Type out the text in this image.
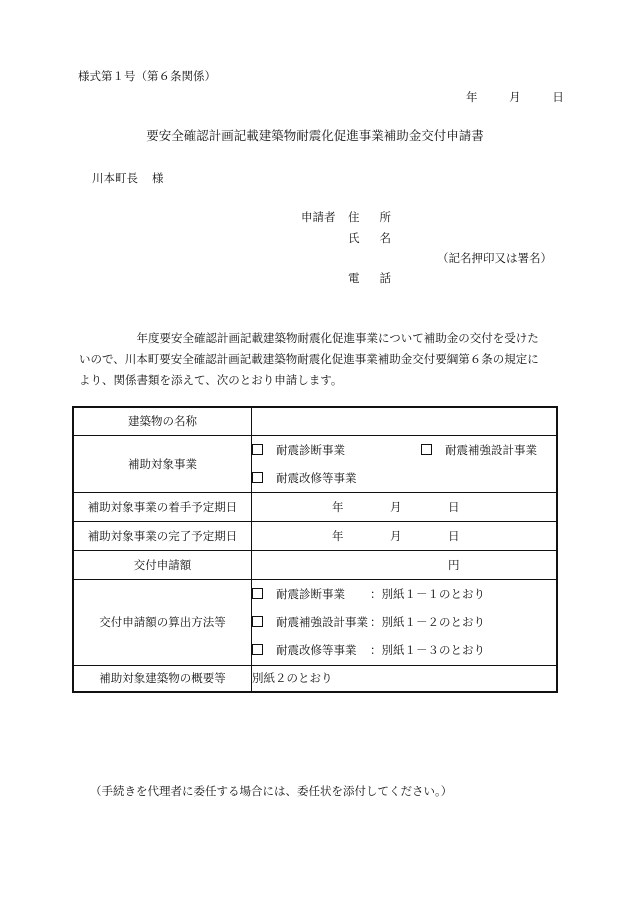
様式第１号（第６条関係）
年	月	日
要安全確認計画記載建築物耐震化促進事業補助金交付申請書
川本町長 様
申請者 住 所
氏 名
（記名押印又は署名）
電 話

　　　　　年度要安全確認計画記載建築物耐震化促進事業について補助金の交付を受けた

いので、川本町要安全確認計画記載建築物耐震化促進事業補助金交付要綱第６条の規定に

より、関係書類を添えて、次のとおり申請します。

建築物の名称	
補助対象事業	耐震診断事業 耐震補強設計事業
耐震改修等事業

補助対象事業の着手予定期日	年 月 日

補助対象事業の完了予定期日	年 月 日

交付申請額	円

交付申請額の算出方法等	耐震診断事業 ：別紙１－１のとおり
耐震補強設計事業 ：別紙１－２のとおり
耐震改修等事業 ：別紙１－３のとおり

補助対象建築物の概要等	別紙２のとおり
（手続きを代理者に委任する場合には、委任状を添付してください。）
